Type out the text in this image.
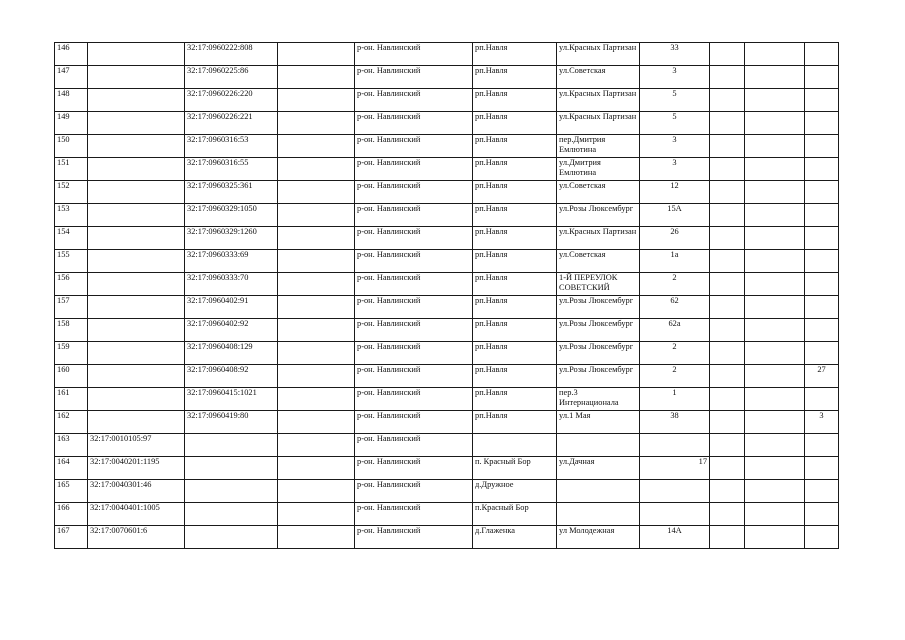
146		32:17:0960222:808		р-он. Навлинский	рп.Навля	ул.Красных Партизан	33			
147		32:17:0960225:86		р-он. Навлинский	рп.Навля	ул.Советская	3			
148		32:17:0960226:220		р-он. Навлинский	рп.Навля	ул.Красных Партизан	5			
149		32:17:0960226:221		р-он. Навлинский	рп.Навля	ул.Красных Партизан	5			
150		32:17:0960316:53		р-он. Навлинский	рп.Навля	пер.Дмитрия Емлютина	3			
151		32:17:0960316:55		р-он. Навлинский	рп.Навля	ул.Дмитрия Емлютина	3			
152		32:17:0960325:361		р-он. Навлинский	рп.Навля	ул.Советская	12			
153		32:17:0960329:1050		р-он. Навлинский	рп.Навля	ул.Розы Люксембург	15А			
154		32:17:0960329:1260		р-он. Навлинский	рп.Навля	ул.Красных Партизан	26			
155		32:17:0960333:69		р-он. Навлинский	рп.Навля	ул.Советская	1а			
156		32:17:0960333:70		р-он. Навлинский	рп.Навля	1-Й ПЕРЕУЛОК СОВЕТСКИЙ	2			
157		32:17:0960402:91		р-он. Навлинский	рп.Навля	ул.Розы Люксембург	62			
158		32:17:0960402:92		р-он. Навлинский	рп.Навля	ул.Розы Люксембург	62а			
159		32:17:0960408:129		р-он. Навлинский	рп.Навля	ул.Розы Люксембург	2			
160		32:17:0960408:92		р-он. Навлинский	рп.Навля	ул.Розы Люксембург	2			27
161		32:17:0960415:1021		р-он. Навлинский	рп.Навля	пер.3 Интернационала	1			
162		32:17:0960419:80		р-он. Навлинский	рп.Навля	ул.1 Мая	38			3
163	32:17:0010105:97			р-он. Навлинский						
164	32:17:0040201:1195			р-он. Навлинский	п. Красный Бор	ул.Дачная	17			
165	32:17:0040301:46			р-он. Навлинский	д.Дружное					
166	32:17:0040401:1005			р-он. Навлинский	п.Красный Бор					
167	32:17:0070601:6			р-он. Навлинский	д.Глаженка	ул Молодежная	14А			
